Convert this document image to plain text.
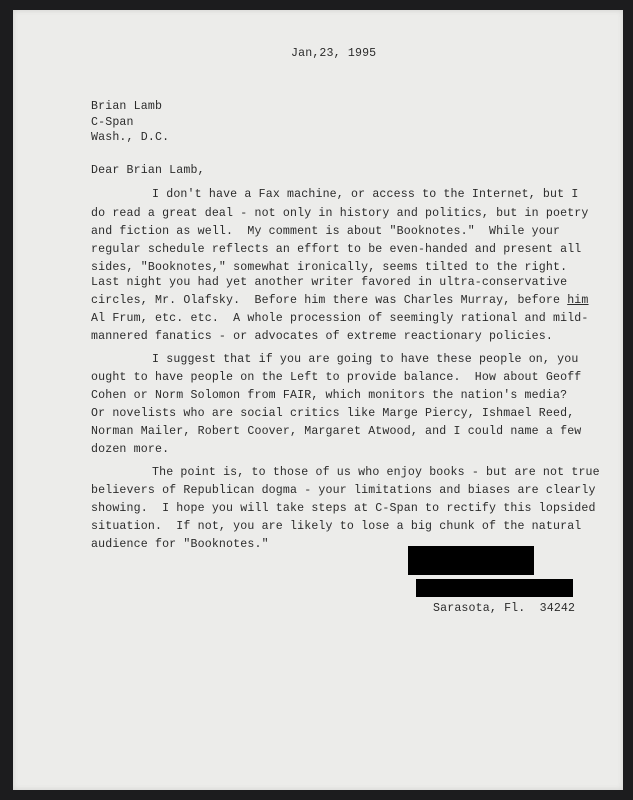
Jan,23, 1995
Brian Lamb
C-Span
Wash., D.C.
Dear Brian Lamb,
I don't have a Fax machine, or access to the Internet, but I
do read a great deal - not only in history and politics, but in poetry
and fiction as well.  My comment is about "Booknotes."  While your
regular schedule reflects an effort to be even-handed and present all
sides, "Booknotes," somewhat ironically, seems tilted to the right.
Last night you had yet another writer favored in ultra-conservative
circles, Mr. Olafsky.  Before him there was Charles Murray, before him
Al Frum, etc. etc.  A whole procession of seemingly rational and mild-
mannered fanatics - or advocates of extreme reactionary policies.
I suggest that if you are going to have these people on, you
ought to have people on the Left to provide balance.  How about Geoff
Cohen or Norm Solomon from FAIR, which monitors the nation's media?
Or novelists who are social critics like Marge Piercy, Ishmael Reed,
Norman Mailer, Robert Coover, Margaret Atwood, and I could name a few
dozen more.
The point is, to those of us who enjoy books - but are not true
believers of Republican dogma - your limitations and biases are clearly
showing.  I hope you will take steps at C-Span to rectify this lopsided
situation.  If not, you are likely to lose a big chunk of the natural
audience for "Booknotes."
Sarasota, Fl.  34242
